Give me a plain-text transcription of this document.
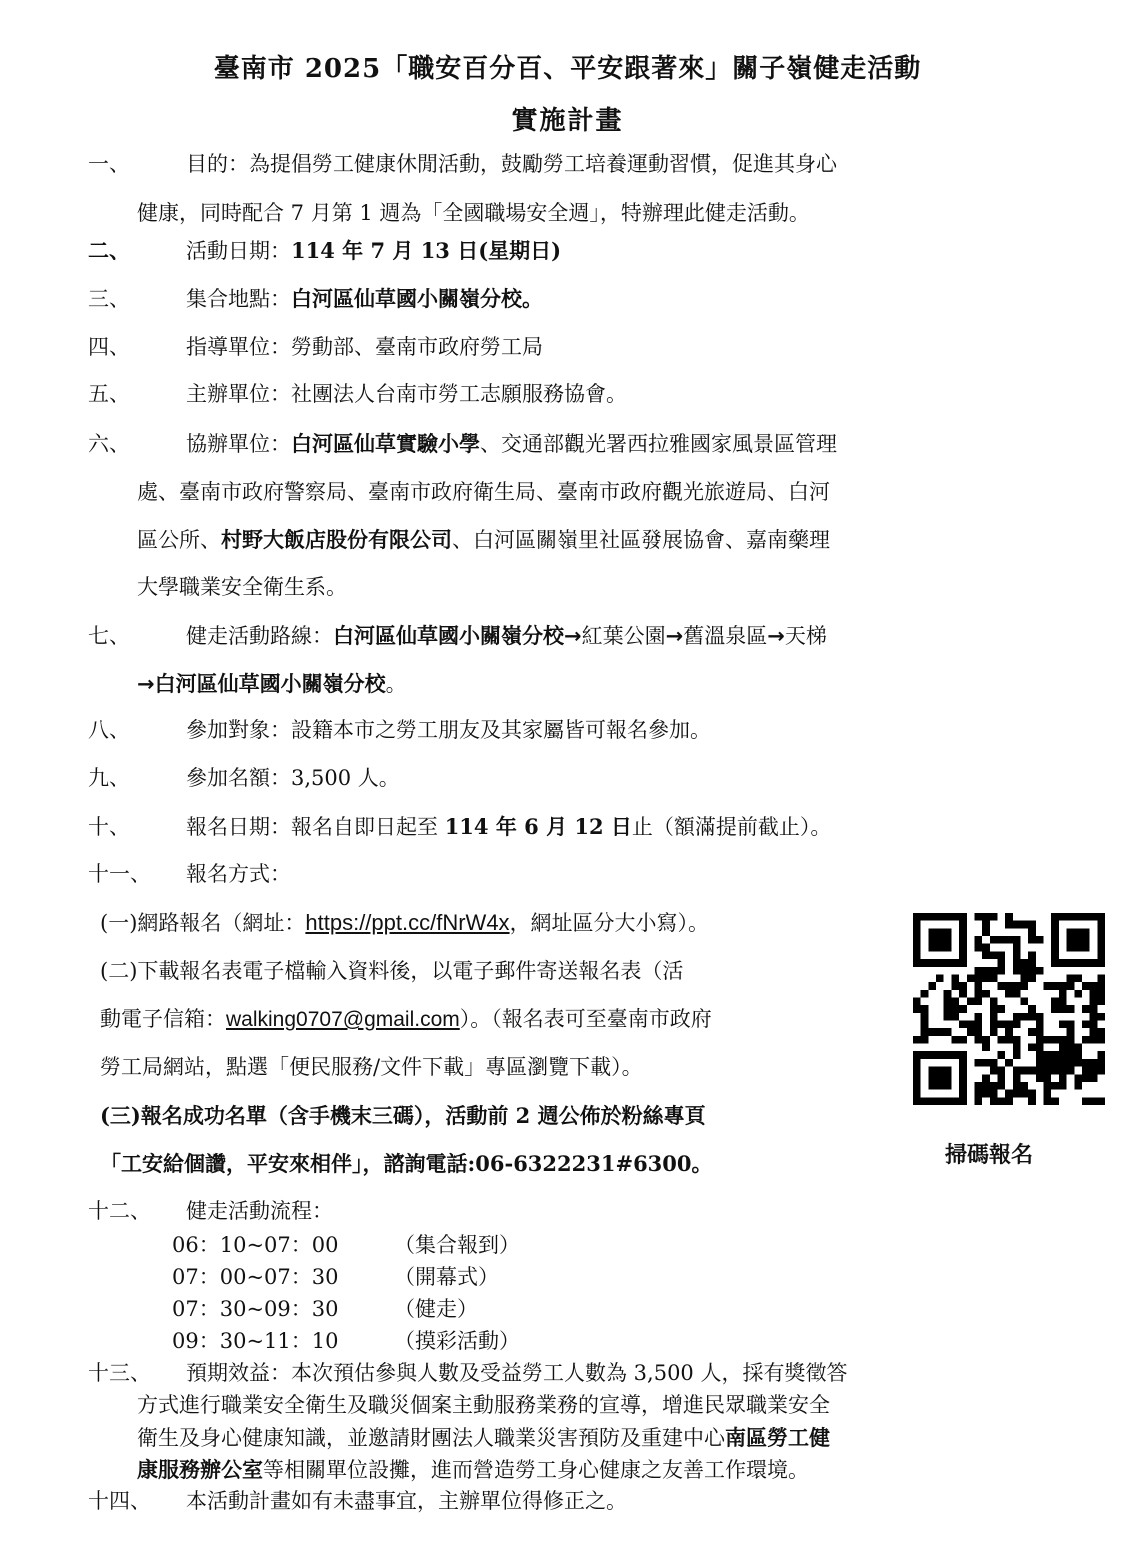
臺南市 2025「職安百分百、平安跟著來」關子嶺健走活動
實施計畫
一、	目的：為提倡勞工健康休閒活動，鼓勵勞工培養運動習慣，促進其身心
健康，同時配合 7 月第 1 週為「全國職場安全週」，特辦理此健走活動。
二、	活動日期：114 年 7 月 13 日(星期日)
三、	集合地點：白河區仙草國小關嶺分校。
四、	指導單位：勞動部、臺南市政府勞工局
五、	主辦單位：社團法人台南市勞工志願服務協會。
六、	協辦單位：白河區仙草實驗小學、交通部觀光署西拉雅國家風景區管理
處、臺南市政府警察局、臺南市政府衛生局、臺南市政府觀光旅遊局、白河
區公所、村野大飯店股份有限公司、白河區關嶺里社區發展協會、嘉南藥理
大學職業安全衛生系。
七、	健走活動路線：白河區仙草國小關嶺分校→紅葉公園→舊溫泉區→天梯
→白河區仙草國小關嶺分校。
八、	參加對象：設籍本市之勞工朋友及其家屬皆可報名參加。
九、	參加名額：3,500 人。
十、	報名日期：報名自即日起至 114 年 6 月 12 日止（額滿提前截止）。
十一、 報名方式：
(一)網路報名（網址：https://ppt.cc/fNrW4x，網址區分大小寫）。
(二)下載報名表電子檔輸入資料後，以電子郵件寄送報名表（活
動電子信箱：walking0707@gmail.com）。（報名表可至臺南市政府
勞工局網站，點選「便民服務/文件下載」專區瀏覽下載）。
(三)報名成功名單（含手機末三碼），活動前 2 週公佈於粉絲專頁
「工安給個讚，平安來相伴」，諮詢電話:06-6322231#6300。	掃碼報名
十二、 健走活動流程：
06：10~07：00	（集合報到）
07：00~07：30	（開幕式）
07：30~09：30	（健走）
09：30~11：10	（摸彩活動）
十三、 預期效益：本次預估參與人數及受益勞工人數為 3,500 人，採有獎徵答
方式進行職業安全衛生及職災個案主動服務業務的宣導，增進民眾職業安全
衛生及身心健康知識，並邀請財團法人職業災害預防及重建中心南區勞工健
康服務辦公室等相關單位設攤，進而營造勞工身心健康之友善工作環境。
十四、 本活動計畫如有未盡事宜，主辦單位得修正之。
